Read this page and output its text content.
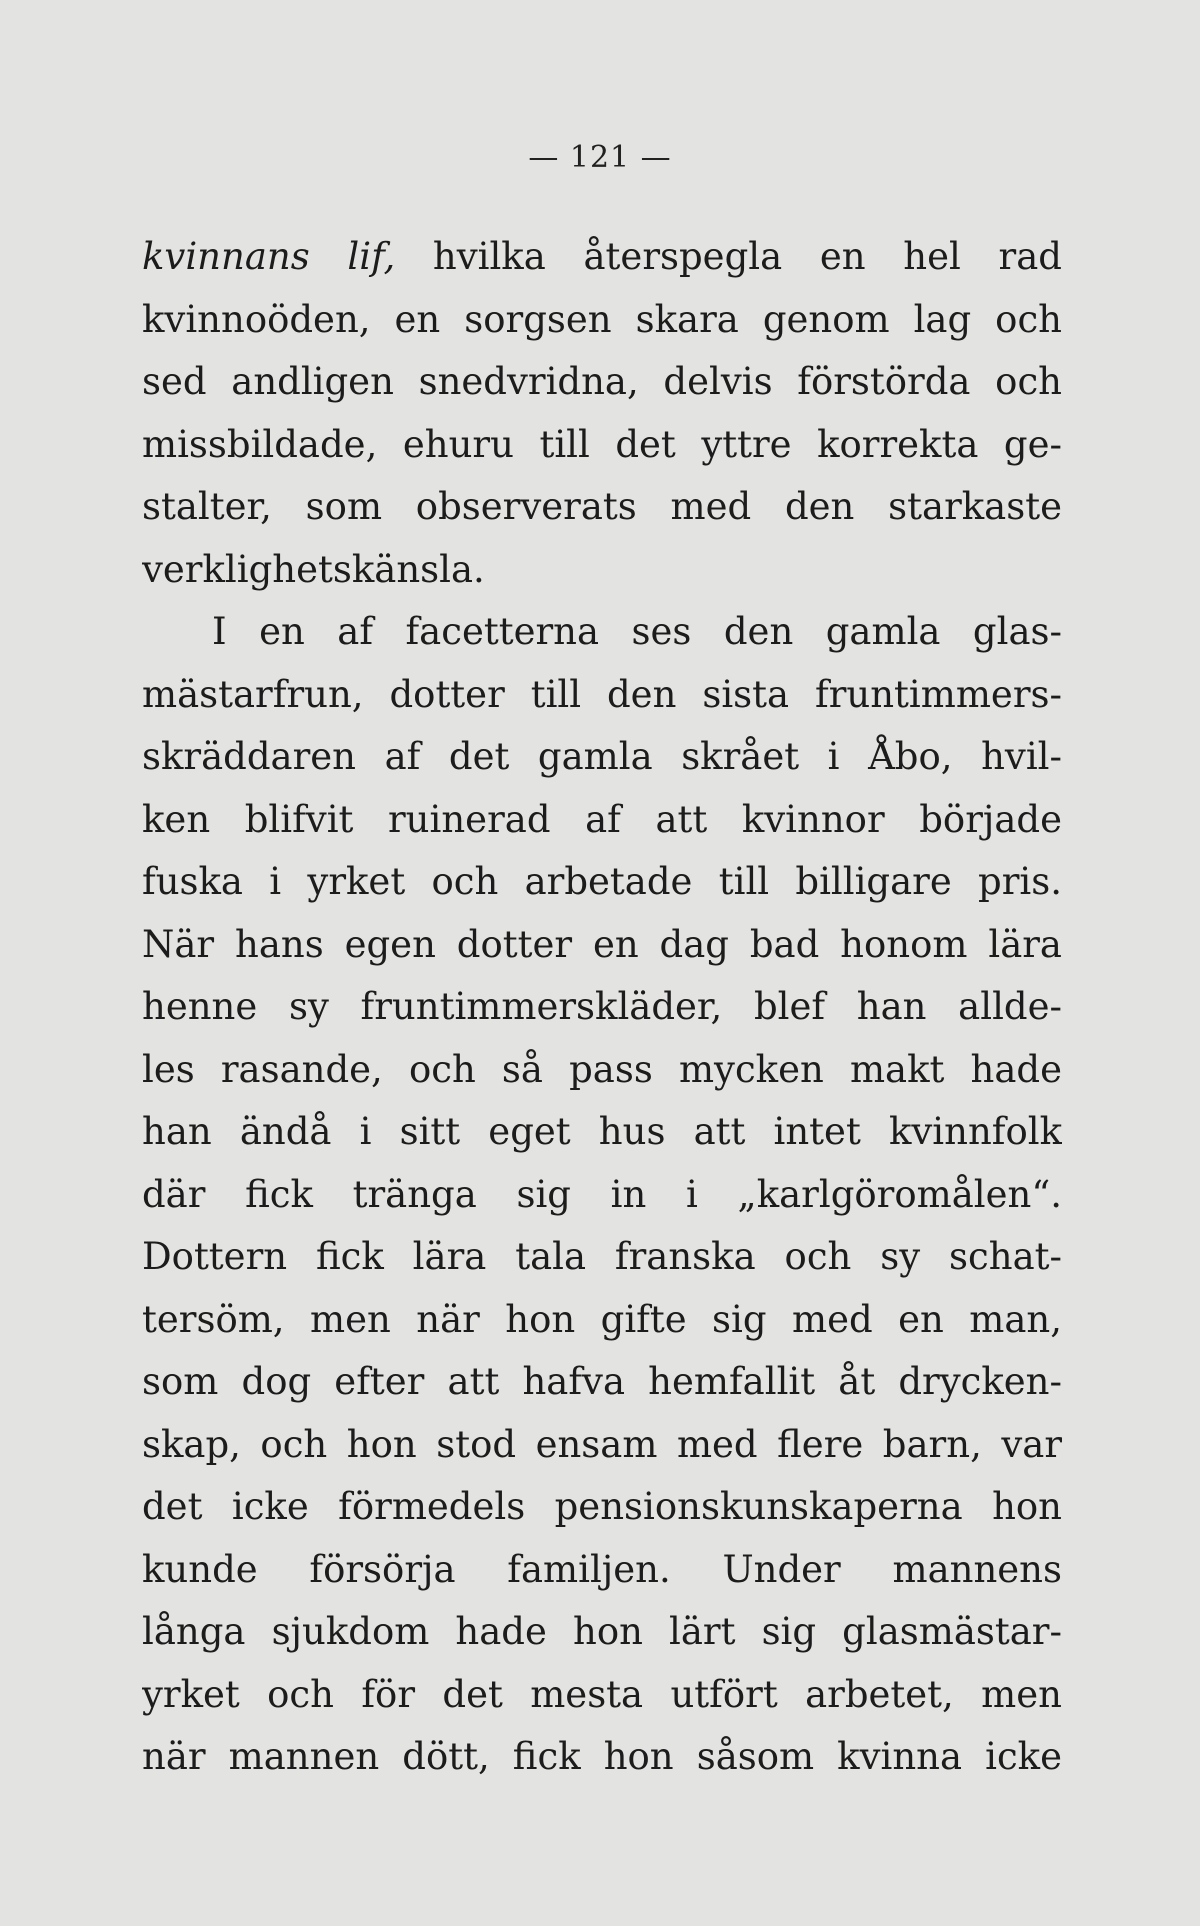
— 121 —
kvinnans lif, hvilka återspegla en hel rad
kvinnoöden, en sorgsen skara genom lag och
sed andligen snedvridna, delvis förstörda och
missbildade, ehuru till det yttre korrekta ge-
stalter, som observerats med den starkaste
verklighetskänsla.
I en af facetterna ses den gamla glas-
mästarfrun, dotter till den sista fruntimmers-
skräddaren af det gamla skrået i Åbo, hvil-
ken blifvit ruinerad af att kvinnor började
fuska i yrket och arbetade till billigare pris.
När hans egen dotter en dag bad honom lära
henne sy fruntimmerskläder, blef han allde-
les rasande, och så pass mycken makt hade
han ändå i sitt eget hus att intet kvinnfolk
där fick tränga sig in i „karlgöromålen“.
Dottern fick lära tala franska och sy schat-
tersöm, men när hon gifte sig med en man,
som dog efter att hafva hemfallit åt drycken-
skap, och hon stod ensam med flere barn, var
det icke förmedels pensionskunskaperna hon
kunde försörja familjen. Under mannens
långa sjukdom hade hon lärt sig glasmästar-
yrket och för det mesta utfört arbetet, men
när mannen dött, fick hon såsom kvinna icke
